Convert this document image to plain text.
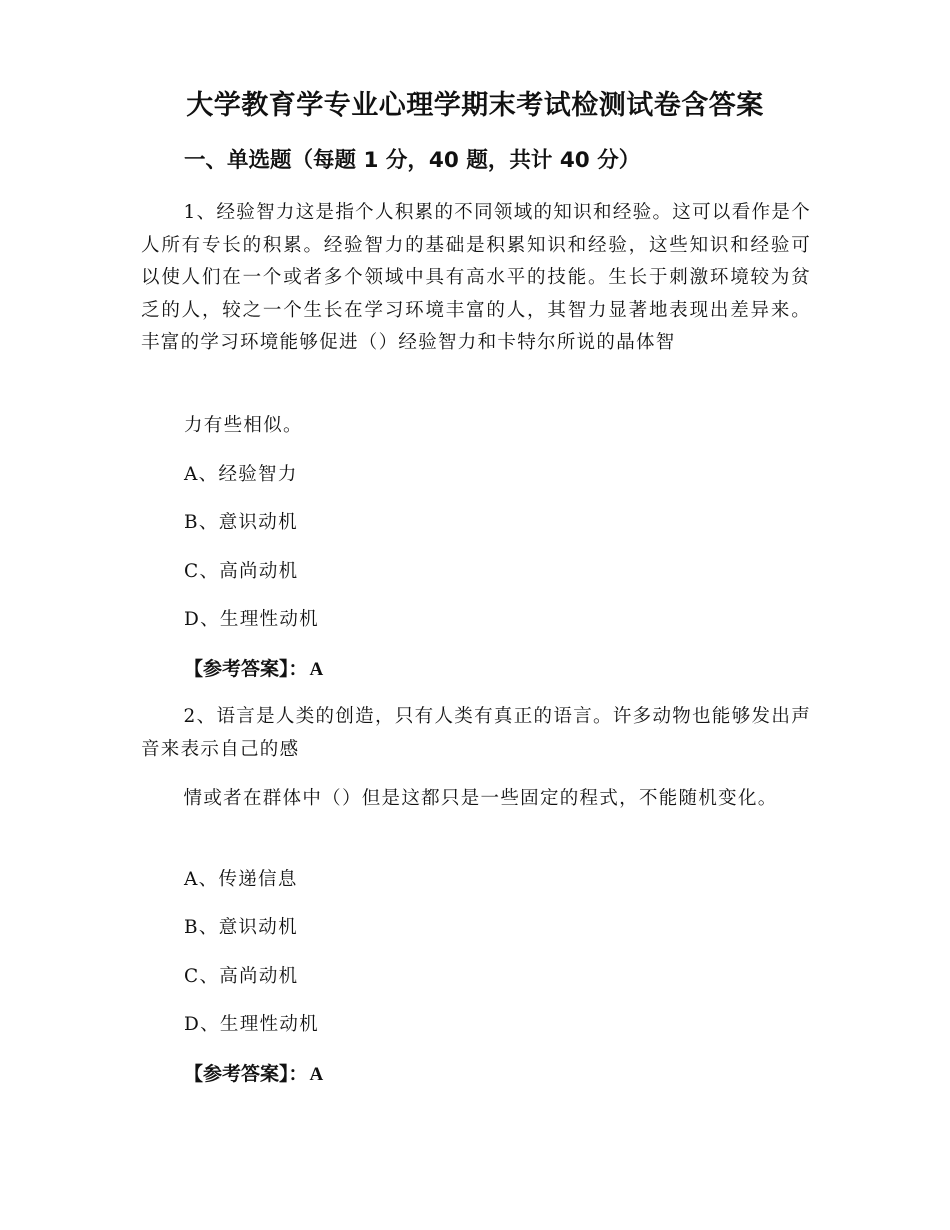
大学教育学专业心理学期末考试检测试卷含答案
一、单选题（每题 1 分，40 题，共计 40 分）

1、经验智力这是指个人积累的不同领域的知识和经验。这可以看作是个人所有专长的积累。经验智力的基础是积累知识和经验，这些知识和经验可以使人们在一个或者多个领域中具有高水平的技能。生长于刺激环境较为贫乏的人，较之一个生长在学习环境丰富的人，其智力显著地表现出差异来。丰富的学习环境能够促进（）经验智力和卡特尔所说的晶体智

力有些相似。

A、经验智力

B、意识动机

C、高尚动机

D、生理性动机

【参考答案】： A

2、语言是人类的创造，只有人类有真正的语言。许多动物也能够发出声音来表示自己的感

情或者在群体中（）但是这都只是一些固定的程式，不能随机变化。

A、传递信息

B、意识动机

C、高尚动机

D、生理性动机

【参考答案】： A
